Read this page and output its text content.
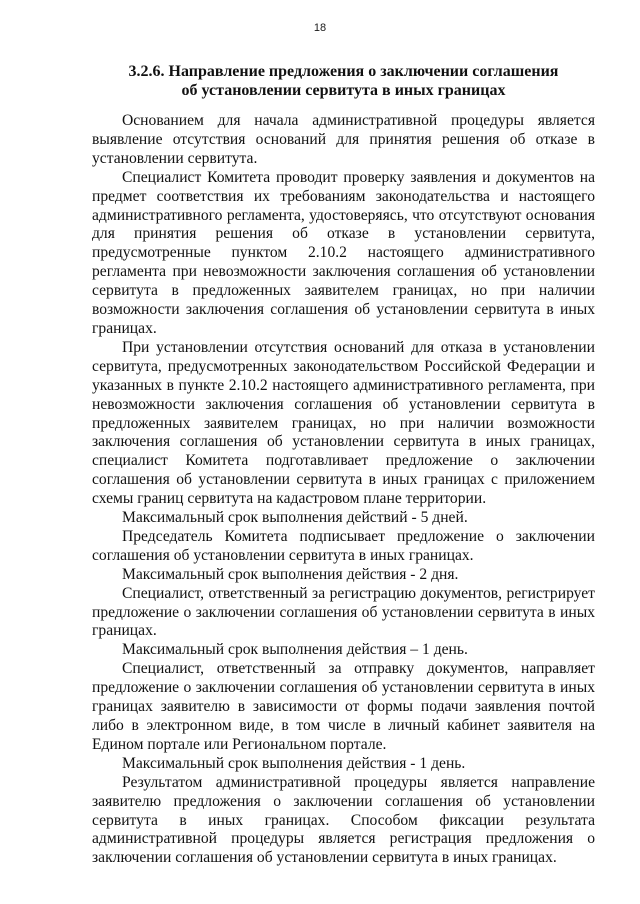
18
3.2.6. Направление предложения о заключении соглашения
об установлении сервитута в иных границах

Основанием для начала административной процедуры является выявление отсутствия оснований для принятия решения об отказе в установлении сервитута.

Специалист Комитета проводит проверку заявления и документов на предмет соответствия их требованиям законодательства и настоящего административного регламента, удостоверяясь, что отсутствуют основания для принятия решения об отказе в установлении сервитута, предусмотренные пунктом 2.10.2 настоящего административного регламента при невозможности заключения соглашения об установлении сервитута в предложенных заявителем границах, но при наличии возможности заключения соглашения об установлении сервитута в иных границах.

При установлении отсутствия оснований для отказа в установлении сервитута, предусмотренных законодательством Российской Федерации и указанных в пункте 2.10.2 настоящего административного регламента, при невозможности заключения соглашения об установлении сервитута в предложенных заявителем границах, но при наличии возможности заключения соглашения об установлении сервитута в иных границах, специалист Комитета подготавливает предложение о заключении соглашения об установлении сервитута в иных границах с приложением схемы границ сервитута на кадастровом плане территории.

Максимальный срок выполнения действий - 5 дней.

Председатель Комитета подписывает предложение о заключении соглашения об установлении сервитута в иных границах.

Максимальный срок выполнения действия - 2 дня.

Специалист, ответственный за регистрацию документов, регистрирует предложение о заключении соглашения об установлении сервитута в иных границах.

Максимальный срок выполнения действия – 1 день.

Специалист, ответственный за отправку документов, направляет предложение о заключении соглашения об установлении сервитута в иных границах заявителю в зависимости от формы подачи заявления почтой либо в электронном виде, в том числе в личный кабинет заявителя на Едином портале или Региональном портале.

Максимальный срок выполнения действия - 1 день.

Результатом административной процедуры является направление заявителю предложения о заключении соглашения об установлении сервитута в иных границах. Способом фиксации результата административной процедуры является регистрация предложения о заключении соглашения об установлении сервитута в иных границах.
